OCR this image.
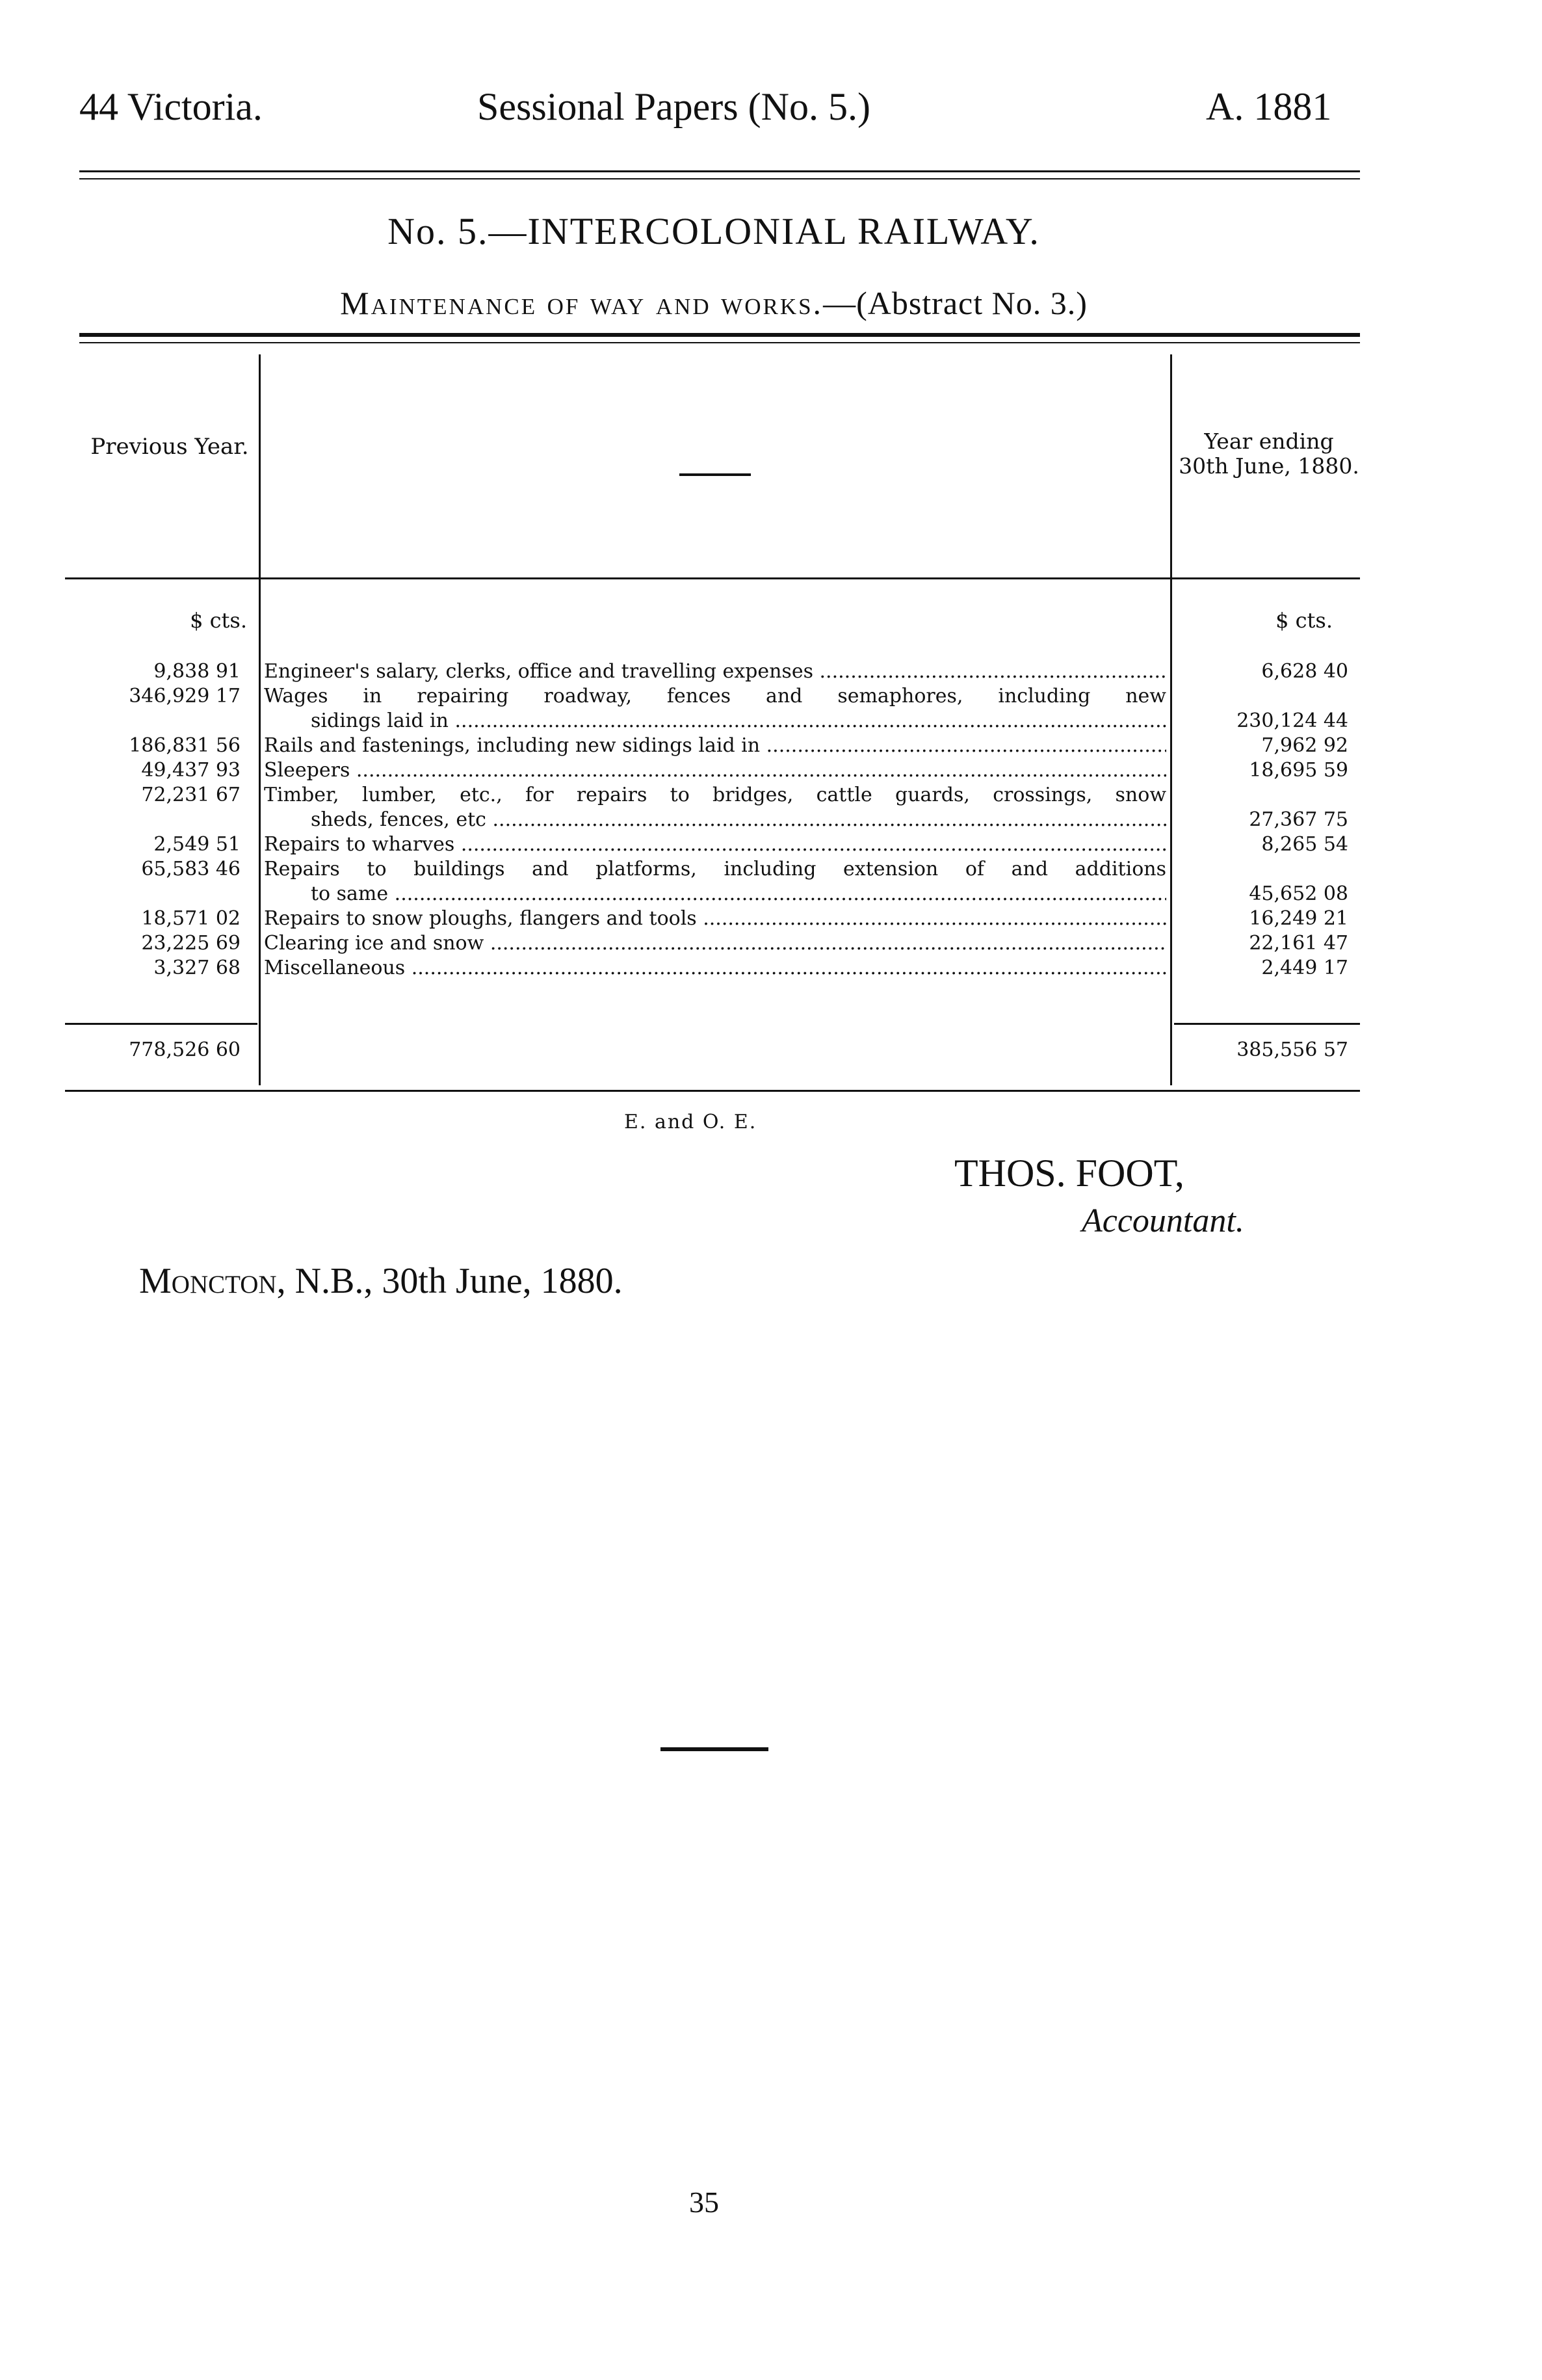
44 Victoria.	Sessional Papers (No. 5.)	A. 1881
No. 5.—INTERCOLONIAL RAILWAY.
Maintenance of way and works.—(Abstract No. 3.)
Previous Year.	Year ending 30th June, 1880.
$ cts.	$ cts.
9,838 91 Engineer's salary, clerks, office and travelling expenses .....	6,628 40
346,929 17 Wages in repairing roadway, fences and semaphores, including new
sidings laid in .....	230,124 44
186,831 56 Rails and fastenings, including new sidings laid in .....	7,962 92
49,437 93 Sleepers .....	18,695 59
72,231 67 Timber, lumber, etc., for repairs to bridges, cattle guards, crossings, snow
sheds, fences, etc .....	27,367 75
2,549 51 Repairs to wharves .....	8,265 54
65,583 46 Repairs to buildings and platforms, including extension of and additions
to same .....	45,652 08
18,571 02 Repairs to snow ploughs, flangers and tools .....	16,249 21
23,225 69 Clearing ice and snow .....	22,161 47
3,327 68 Miscellaneous .....	2,449 17
778,526 60	385,556 57
E. and O. E.
THOS. FOOT,
Accountant.
Moncton, N.B., 30th June, 1880.
35
